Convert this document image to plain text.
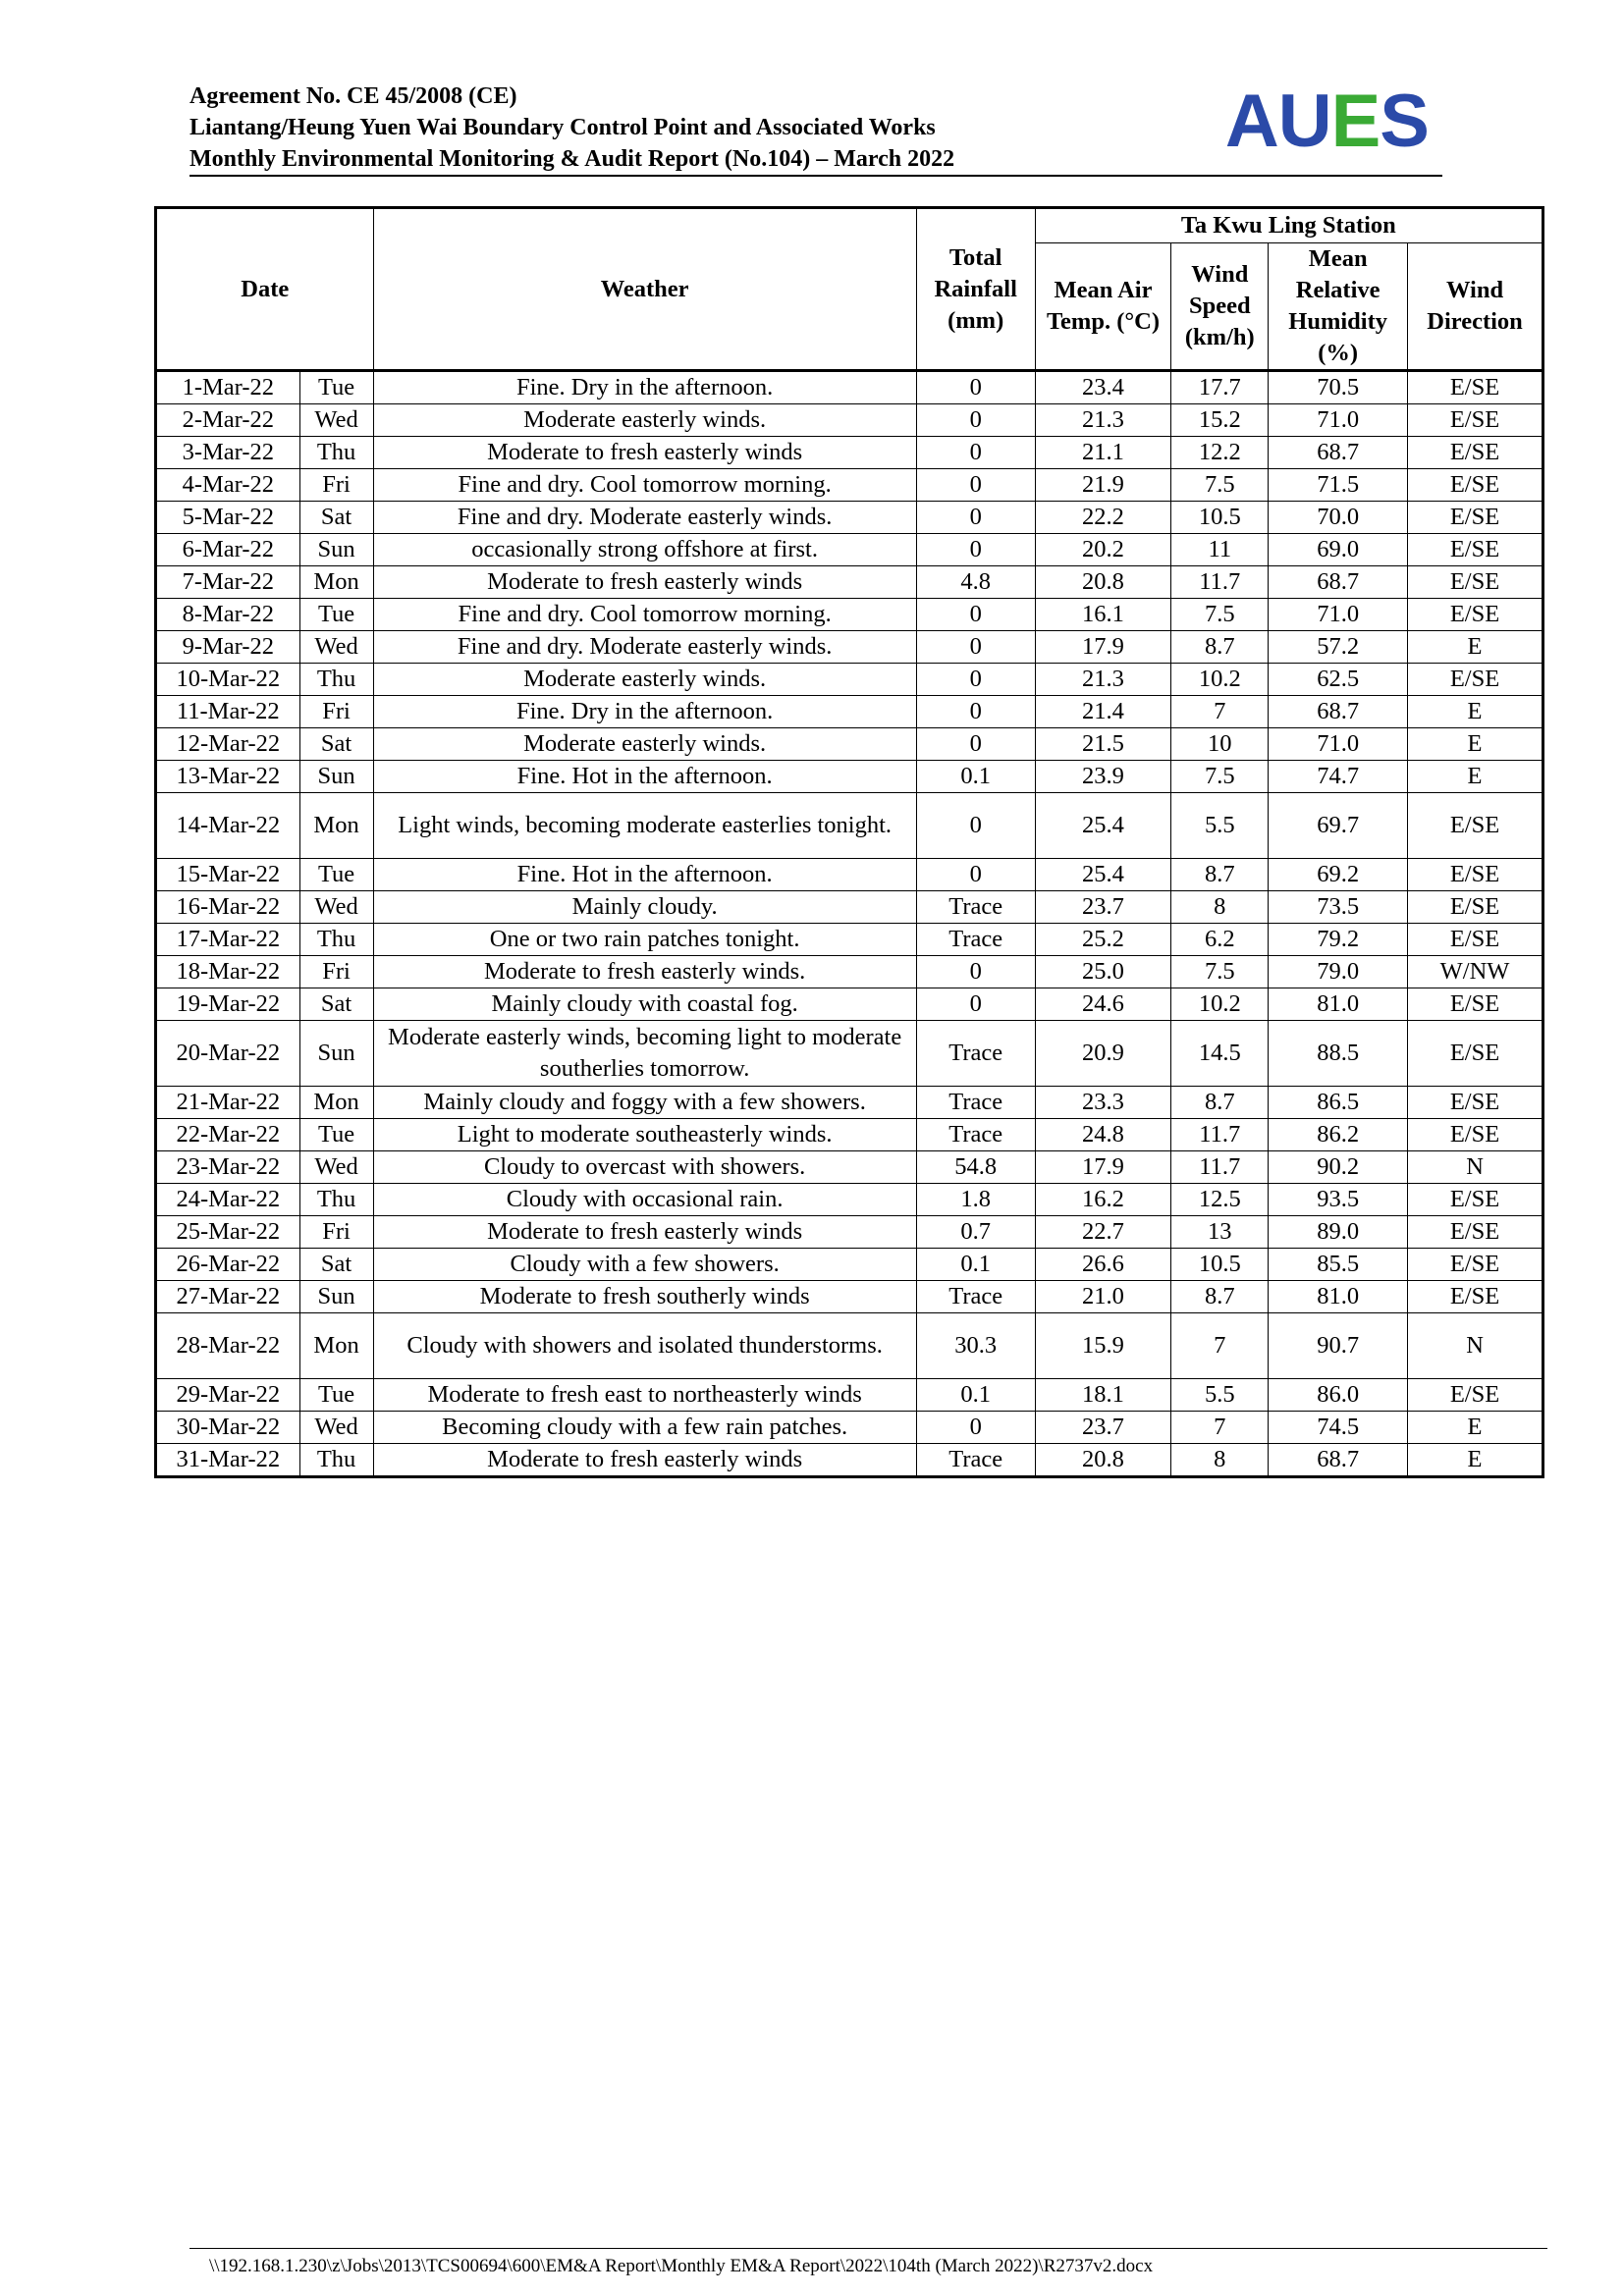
Agreement No. CE 45/2008 (CE)
Liantang/Heung Yuen Wai Boundary Control Point and Associated Works
Monthly Environmental Monitoring & Audit Report (No.104) – March 2022	AUES
Date		Weather	Total Rainfall (mm)	Ta Kwu Ling Station			
				Mean Air Temp. (°C)	Wind Speed (km/h)	Mean Relative Humidity (%)	Wind Direction
1-Mar-22	Tue	Fine. Dry in the afternoon.	0	23.4	17.7	70.5	E/SE
2-Mar-22	Wed	Moderate easterly winds.	0	21.3	15.2	71.0	E/SE
3-Mar-22	Thu	Moderate to fresh easterly winds	0	21.1	12.2	68.7	E/SE
4-Mar-22	Fri	Fine and dry. Cool tomorrow morning.	0	21.9	7.5	71.5	E/SE
5-Mar-22	Sat	Fine and dry. Moderate easterly winds.	0	22.2	10.5	70.0	E/SE
6-Mar-22	Sun	occasionally strong offshore at first.	0	20.2	11	69.0	E/SE
7-Mar-22	Mon	Moderate to fresh easterly winds	4.8	20.8	11.7	68.7	E/SE
8-Mar-22	Tue	Fine and dry. Cool tomorrow morning.	0	16.1	7.5	71.0	E/SE
9-Mar-22	Wed	Fine and dry. Moderate easterly winds.	0	17.9	8.7	57.2	E
10-Mar-22	Thu	Moderate easterly winds.	0	21.3	10.2	62.5	E/SE
11-Mar-22	Fri	Fine. Dry in the afternoon.	0	21.4	7	68.7	E
12-Mar-22	Sat	Moderate easterly winds.	0	21.5	10	71.0	E
13-Mar-22	Sun	Fine. Hot in the afternoon.	0.1	23.9	7.5	74.7	E
14-Mar-22	Mon	Light winds, becoming moderate easterlies tonight.	0	25.4	5.5	69.7	E/SE
15-Mar-22	Tue	Fine. Hot in the afternoon.	0	25.4	8.7	69.2	E/SE
16-Mar-22	Wed	Mainly cloudy.	Trace	23.7	8	73.5	E/SE
17-Mar-22	Thu	One or two rain patches tonight.	Trace	25.2	6.2	79.2	E/SE
18-Mar-22	Fri	Moderate to fresh easterly winds.	0	25.0	7.5	79.0	W/NW
19-Mar-22	Sat	Mainly cloudy with coastal fog.	0	24.6	10.2	81.0	E/SE
20-Mar-22	Sun	Moderate easterly winds, becoming light to moderate southerlies tomorrow.	Trace	20.9	14.5	88.5	E/SE
21-Mar-22	Mon	Mainly cloudy and foggy with a few showers.	Trace	23.3	8.7	86.5	E/SE
22-Mar-22	Tue	Light to moderate southeasterly winds.	Trace	24.8	11.7	86.2	E/SE
23-Mar-22	Wed	Cloudy to overcast with showers.	54.8	17.9	11.7	90.2	N
24-Mar-22	Thu	Cloudy with occasional rain.	1.8	16.2	12.5	93.5	E/SE
25-Mar-22	Fri	Moderate to fresh easterly winds	0.7	22.7	13	89.0	E/SE
26-Mar-22	Sat	Cloudy with a few showers.	0.1	26.6	10.5	85.5	E/SE
27-Mar-22	Sun	Moderate to fresh southerly winds	Trace	21.0	8.7	81.0	E/SE
28-Mar-22	Mon	Cloudy with showers and isolated thunderstorms.	30.3	15.9	7	90.7	N
29-Mar-22	Tue	Moderate to fresh east to northeasterly winds	0.1	18.1	5.5	86.0	E/SE
30-Mar-22	Wed	Becoming cloudy with a few rain patches.	0	23.7	7	74.5	E
31-Mar-22	Thu	Moderate to fresh easterly winds	Trace	20.8	8	68.7	E
\\192.168.1.230\z\Jobs\2013\TCS00694\600\EM&A Report\Monthly EM&A Report\2022\104th (March 2022)\R2737v2.docx
